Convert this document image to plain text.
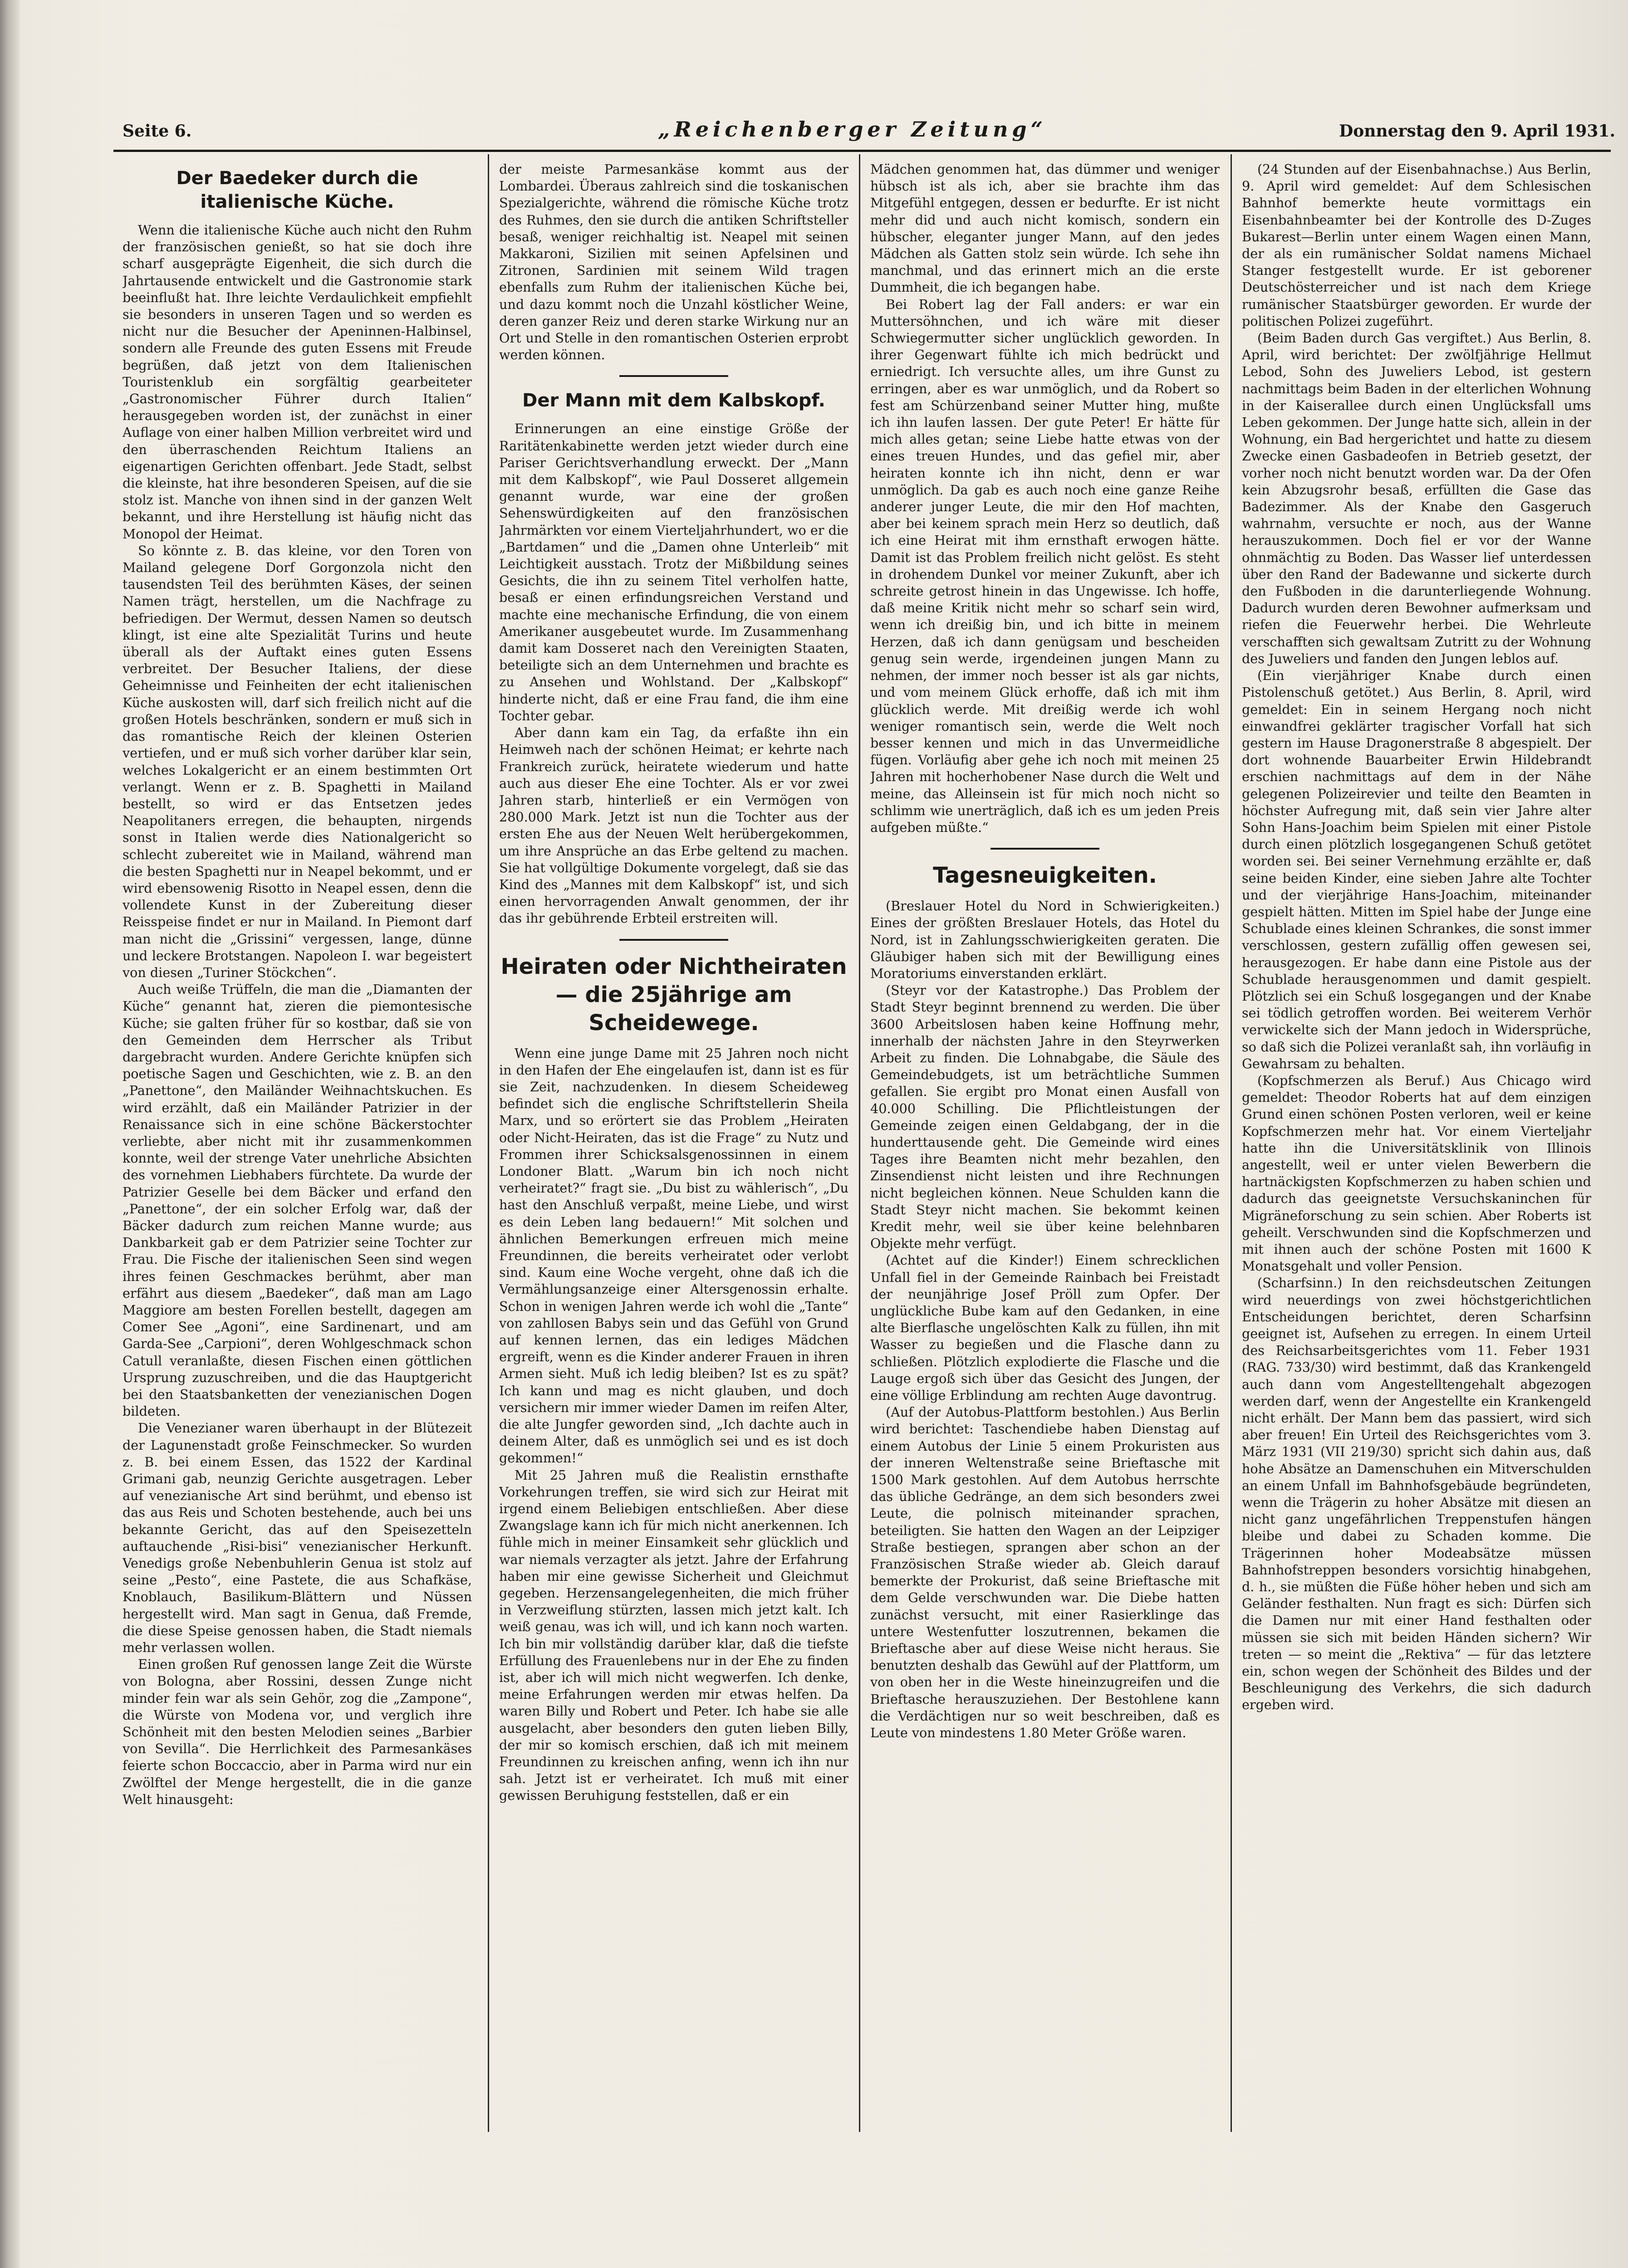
Seite 6.	„Reichenberger Zeitung“	Donnerstag den 9. April 1931.
Der Baedeker durch die italienische Küche.

Wenn die italienische Küche auch nicht den Ruhm der französischen genießt, so hat sie doch ihre scharf ausgeprägte Eigenheit, die sich durch die Jahrtausende entwickelt und die Gastronomie stark beeinflußt hat. Ihre leichte Verdaulichkeit empfiehlt sie besonders in unseren Tagen und so werden es nicht nur die Besucher der Apeninnen-Halbinsel, sondern alle Freunde des guten Essens mit Freude begrüßen, daß jetzt von dem Italienischen Touristenklub ein sorgfältig gearbeiteter „Gastronomischer Führer durch Italien“ herausgegeben worden ist, der zunächst in einer Auflage von einer halben Million verbreitet wird und den überraschenden Reichtum Italiens an eigenartigen Gerichten offenbart. Jede Stadt, selbst die kleinste, hat ihre besonderen Speisen, auf die sie stolz ist. Manche von ihnen sind in der ganzen Welt bekannt, und ihre Herstellung ist häufig nicht das Monopol der Heimat.

So könnte z. B. das kleine, vor den Toren von Mailand gelegene Dorf Gorgonzola nicht den tausendsten Teil des berühmten Käses, der seinen Namen trägt, herstellen, um die Nachfrage zu befriedigen. Der Wermut, dessen Namen so deutsch klingt, ist eine alte Spezialität Turins und heute überall als der Auftakt eines guten Essens verbreitet. Der Besucher Italiens, der diese Geheimnisse und Feinheiten der echt italienischen Küche auskosten will, darf sich freilich nicht auf die großen Hotels beschränken, sondern er muß sich in das romantische Reich der kleinen Osterien vertiefen, und er muß sich vorher darüber klar sein, welches Lokalgericht er an einem bestimmten Ort verlangt. Wenn er z. B. Spaghetti in Mailand bestellt, so wird er das Entsetzen jedes Neapolitaners erregen, die behaupten, nirgends sonst in Italien werde dies Nationalgericht so schlecht zubereitet wie in Mailand, während man die besten Spaghetti nur in Neapel bekommt, und er wird ebensowenig Risotto in Neapel essen, denn die vollendete Kunst in der Zubereitung dieser Reisspeise findet er nur in Mailand. In Piemont darf man nicht die „Grissini“ vergessen, lange, dünne und leckere Brotstangen. Napoleon I. war begeistert von diesen „Turiner Stöckchen“.

Auch weiße Trüffeln, die man die „Diamanten der Küche“ genannt hat, zieren die piemontesische Küche; sie galten früher für so kostbar, daß sie von den Gemeinden dem Herrscher als Tribut dargebracht wurden. Andere Gerichte knüpfen sich poetische Sagen und Geschichten, wie z. B. an den „Panettone“, den Mailänder Weihnachtskuchen. Es wird erzählt, daß ein Mailänder Patrizier in der Renaissance sich in eine schöne Bäckerstochter verliebte, aber nicht mit ihr zusammenkommen konnte, weil der strenge Vater unehrliche Absichten des vornehmen Liebhabers fürchtete. Da wurde der Patrizier Geselle bei dem Bäcker und erfand den „Panettone“, der ein solcher Erfolg war, daß der Bäcker dadurch zum reichen Manne wurde; aus Dankbarkeit gab er dem Patrizier seine Tochter zur Frau. Die Fische der italienischen Seen sind wegen ihres feinen Geschmackes berühmt, aber man erfährt aus diesem „Baedeker“, daß man am Lago Maggiore am besten Forellen bestellt, dagegen am Comer See „Agoni“, eine Sardinenart, und am Garda-See „Carpioni“, deren Wohlgeschmack schon Catull veranlaßte, diesen Fischen einen göttlichen Ursprung zuzuschreiben, und die das Hauptgericht bei den Staatsbanketten der venezianischen Dogen bildeten.

Die Venezianer waren überhaupt in der Blütezeit der Lagunenstadt große Feinschmecker. So wurden z. B. bei einem Essen, das 1522 der Kardinal Grimani gab, neunzig Gerichte ausgetragen. Leber auf venezianische Art sind berühmt, und ebenso ist das aus Reis und Schoten bestehende, auch bei uns bekannte Gericht, das auf den Speisezetteln auftauchende „Risi-bisi“ venezianischer Herkunft. Venedigs große Nebenbuhlerin Genua ist stolz auf seine „Pesto“, eine Pastete, die aus Schafkäse, Knoblauch, Basilikum-Blättern und Nüssen hergestellt wird. Man sagt in Genua, daß Fremde, die diese Speise genossen haben, die Stadt niemals mehr verlassen wollen.

Einen großen Ruf genossen lange Zeit die Würste von Bologna, aber Rossini, dessen Zunge nicht minder fein war als sein Gehör, zog die „Zampone“, die Würste von Modena vor, und verglich ihre Schönheit mit den besten Melodien seines „Barbier von Sevilla“. Die Herrlichkeit des Parmesankäses feierte schon Boccaccio, aber in Parma wird nur ein Zwölftel der Menge hergestellt, die in die ganze Welt hinausgeht:

der meiste Parmesankäse kommt aus der Lombardei. Überaus zahlreich sind die toskanischen Spezialgerichte, während die römische Küche trotz des Ruhmes, den sie durch die antiken Schriftsteller besaß, weniger reichhaltig ist. Neapel mit seinen Makkaroni, Sizilien mit seinen Apfelsinen und Zitronen, Sardinien mit seinem Wild tragen ebenfalls zum Ruhm der italienischen Küche bei, und dazu kommt noch die Unzahl köstlicher Weine, deren ganzer Reiz und deren starke Wirkung nur an Ort und Stelle in den romantischen Osterien erprobt werden können.

Der Mann mit dem Kalbskopf.

Erinnerungen an eine einstige Größe der Raritätenkabinette werden jetzt wieder durch eine Pariser Gerichtsverhandlung erweckt. Der „Mann mit dem Kalbskopf“, wie Paul Dosseret allgemein genannt wurde, war eine der großen Sehenswürdigkeiten auf den französischen Jahrmärkten vor einem Vierteljahrhundert, wo er die „Bartdamen“ und die „Damen ohne Unterleib“ mit Leichtigkeit ausstach. Trotz der Mißbildung seines Gesichts, die ihn zu seinem Titel verholfen hatte, besaß er einen erfindungsreichen Verstand und machte eine mechanische Erfindung, die von einem Amerikaner ausgebeutet wurde. Im Zusammenhang damit kam Dosseret nach den Vereinigten Staaten, beteiligte sich an dem Unternehmen und brachte es zu Ansehen und Wohlstand. Der „Kalbskopf“ hinderte nicht, daß er eine Frau fand, die ihm eine Tochter gebar.

Aber dann kam ein Tag, da erfaßte ihn ein Heimweh nach der schönen Heimat; er kehrte nach Frankreich zurück, heiratete wiederum und hatte auch aus dieser Ehe eine Tochter. Als er vor zwei Jahren starb, hinterließ er ein Vermögen von 280.000 Mark. Jetzt ist nun die Tochter aus der ersten Ehe aus der Neuen Welt herübergekommen, um ihre Ansprüche an das Erbe geltend zu machen. Sie hat vollgültige Dokumente vorgelegt, daß sie das Kind des „Mannes mit dem Kalbskopf“ ist, und sich einen hervorragenden Anwalt genommen, der ihr das ihr gebührende Erbteil erstreiten will.

Heiraten oder Nichtheiraten — die 25jährige am Scheidewege.

Wenn eine junge Dame mit 25 Jahren noch nicht in den Hafen der Ehe eingelaufen ist, dann ist es für sie Zeit, nachzudenken. In diesem Scheideweg befindet sich die englische Schriftstellerin Sheila Marx, und so erörtert sie das Problem „Heiraten oder Nicht-Heiraten, das ist die Frage“ zu Nutz und Frommen ihrer Schicksalsgenossinnen in einem Londoner Blatt. „Warum bin ich noch nicht verheiratet?“ fragt sie. „Du bist zu wählerisch“, „Du hast den Anschluß verpaßt, meine Liebe, und wirst es dein Leben lang bedauern!“ Mit solchen und ähnlichen Bemerkungen erfreuen mich meine Freundinnen, die bereits verheiratet oder verlobt sind. Kaum eine Woche vergeht, ohne daß ich die Vermählungsanzeige einer Altersgenossin erhalte. Schon in wenigen Jahren werde ich wohl die „Tante“ von zahllosen Babys sein und das Gefühl von Grund auf kennen lernen, das ein lediges Mädchen ergreift, wenn es die Kinder anderer Frauen in ihren Armen sieht. Muß ich ledig bleiben? Ist es zu spät? Ich kann und mag es nicht glauben, und doch versichern mir immer wieder Damen im reifen Alter, die alte Jungfer geworden sind, „Ich dachte auch in deinem Alter, daß es unmöglich sei und es ist doch gekommen!“

Mit 25 Jahren muß die Realistin ernsthafte Vorkehrungen treffen, sie wird sich zur Heirat mit irgend einem Beliebigen entschließen. Aber diese Zwangslage kann ich für mich nicht anerkennen. Ich fühle mich in meiner Einsamkeit sehr glücklich und war niemals verzagter als jetzt. Jahre der Erfahrung haben mir eine gewisse Sicherheit und Gleichmut gegeben. Herzensangelegenheiten, die mich früher in Verzweiflung stürzten, lassen mich jetzt kalt. Ich weiß genau, was ich will, und ich kann noch warten. Ich bin mir vollständig darüber klar, daß die tiefste Erfüllung des Frauenlebens nur in der Ehe zu finden ist, aber ich will mich nicht wegwerfen. Ich denke, meine Erfahrungen werden mir etwas helfen. Da waren Billy und Robert und Peter. Ich habe sie alle ausgelacht, aber besonders den guten lieben Billy, der mir so komisch erschien, daß ich mit meinem Freundinnen zu kreischen anfing, wenn ich ihn nur sah. Jetzt ist er verheiratet. Ich muß mit einer gewissen Beruhigung feststellen, daß er ein

Mädchen genommen hat, das dümmer und weniger hübsch ist als ich, aber sie brachte ihm das Mitgefühl entgegen, dessen er bedurfte. Er ist nicht mehr did und auch nicht komisch, sondern ein hübscher, eleganter junger Mann, auf den jedes Mädchen als Gatten stolz sein würde. Ich sehe ihn manchmal, und das erinnert mich an die erste Dummheit, die ich begangen habe.

Bei Robert lag der Fall anders: er war ein Muttersöhnchen, und ich wäre mit dieser Schwiegermutter sicher unglücklich geworden. In ihrer Gegenwart fühlte ich mich bedrückt und erniedrigt. Ich versuchte alles, um ihre Gunst zu erringen, aber es war unmöglich, und da Robert so fest am Schürzenband seiner Mutter hing, mußte ich ihn laufen lassen. Der gute Peter! Er hätte für mich alles getan; seine Liebe hatte etwas von der eines treuen Hundes, und das gefiel mir, aber heiraten konnte ich ihn nicht, denn er war unmöglich. Da gab es auch noch eine ganze Reihe anderer junger Leute, die mir den Hof machten, aber bei keinem sprach mein Herz so deutlich, daß ich eine Heirat mit ihm ernsthaft erwogen hätte. Damit ist das Problem freilich nicht gelöst. Es steht in drohendem Dunkel vor meiner Zukunft, aber ich schreite getrost hinein in das Ungewisse. Ich hoffe, daß meine Kritik nicht mehr so scharf sein wird, wenn ich dreißig bin, und ich bitte in meinem Herzen, daß ich dann genügsam und bescheiden genug sein werde, irgendeinen jungen Mann zu nehmen, der immer noch besser ist als gar nichts, und vom meinem Glück erhoffe, daß ich mit ihm glücklich werde. Mit dreißig werde ich wohl weniger romantisch sein, werde die Welt noch besser kennen und mich in das Unvermeidliche fügen. Vorläufig aber gehe ich noch mit meinen 25 Jahren mit hocherhobener Nase durch die Welt und meine, das Alleinsein ist für mich noch nicht so schlimm wie unerträglich, daß ich es um jeden Preis aufgeben müßte.“

Tagesneuigkeiten.

(Breslauer Hotel du Nord in Schwierigkeiten.) Eines der größten Breslauer Hotels, das Hotel du Nord, ist in Zahlungsschwierigkeiten geraten. Die Gläubiger haben sich mit der Bewilligung eines Moratoriums einverstanden erklärt.

(Steyr vor der Katastrophe.) Das Problem der Stadt Steyr beginnt brennend zu werden. Die über 3600 Arbeitslosen haben keine Hoffnung mehr, innerhalb der nächsten Jahre in den Steyrwerken Arbeit zu finden. Die Lohnabgabe, die Säule des Gemeindebudgets, ist um beträchtliche Summen gefallen. Sie ergibt pro Monat einen Ausfall von 40.000 Schilling. Die Pflichtleistungen der Gemeinde zeigen einen Geldabgang, der in die hunderttausende geht. Die Gemeinde wird eines Tages ihre Beamten nicht mehr bezahlen, den Zinsendienst nicht leisten und ihre Rechnungen nicht begleichen können. Neue Schulden kann die Stadt Steyr nicht machen. Sie bekommt keinen Kredit mehr, weil sie über keine belehnbaren Objekte mehr verfügt.

(Achtet auf die Kinder!) Einem schrecklichen Unfall fiel in der Gemeinde Rainbach bei Freistadt der neunjährige Josef Pröll zum Opfer. Der unglückliche Bube kam auf den Gedanken, in eine alte Bierflasche ungelöschten Kalk zu füllen, ihn mit Wasser zu begießen und die Flasche dann zu schließen. Plötzlich explodierte die Flasche und die Lauge ergoß sich über das Gesicht des Jungen, der eine völlige Erblindung am rechten Auge davontrug.

(Auf der Autobus-Plattform bestohlen.) Aus Berlin wird berichtet: Taschendiebe haben Dienstag auf einem Autobus der Linie 5 einem Prokuristen aus der inneren Weltenstraße seine Brieftasche mit 1500 Mark gestohlen. Auf dem Autobus herrschte das übliche Gedränge, an dem sich besonders zwei Leute, die polnisch miteinander sprachen, beteiligten. Sie hatten den Wagen an der Leipziger Straße bestiegen, sprangen aber schon an der Französischen Straße wieder ab. Gleich darauf bemerkte der Prokurist, daß seine Brieftasche mit dem Gelde verschwunden war. Die Diebe hatten zunächst versucht, mit einer Rasierklinge das untere Westenfutter loszutrennen, bekamen die Brieftasche aber auf diese Weise nicht heraus. Sie benutzten deshalb das Gewühl auf der Plattform, um von oben her in die Weste hineinzugreifen und die Brieftasche herauszuziehen. Der Bestohlene kann die Verdächtigen nur so weit beschreiben, daß es Leute von mindestens 1.80 Meter Größe waren.

(24 Stunden auf der Eisenbahnachse.) Aus Berlin, 9. April wird gemeldet: Auf dem Schlesischen Bahnhof bemerkte heute vormittags ein Eisenbahnbeamter bei der Kontrolle des D-Zuges Bukarest—Berlin unter einem Wagen einen Mann, der als ein rumänischer Soldat namens Michael Stanger festgestellt wurde. Er ist geborener Deutschösterreicher und ist nach dem Kriege rumänischer Staatsbürger geworden. Er wurde der politischen Polizei zugeführt.

(Beim Baden durch Gas vergiftet.) Aus Berlin, 8. April, wird berichtet: Der zwölfjährige Hellmut Lebod, Sohn des Juweliers Lebod, ist gestern nachmittags beim Baden in der elterlichen Wohnung in der Kaiserallee durch einen Unglücksfall ums Leben gekommen. Der Junge hatte sich, allein in der Wohnung, ein Bad hergerichtet und hatte zu diesem Zwecke einen Gasbadeofen in Betrieb gesetzt, der vorher noch nicht benutzt worden war. Da der Ofen kein Abzugsrohr besaß, erfüllten die Gase das Badezimmer. Als der Knabe den Gasgeruch wahrnahm, versuchte er noch, aus der Wanne herauszukommen. Doch fiel er vor der Wanne ohnmächtig zu Boden. Das Wasser lief unterdessen über den Rand der Badewanne und sickerte durch den Fußboden in die darunterliegende Wohnung. Dadurch wurden deren Bewohner aufmerksam und riefen die Feuerwehr herbei. Die Wehrleute verschafften sich gewaltsam Zutritt zu der Wohnung des Juweliers und fanden den Jungen leblos auf.

(Ein vierjähriger Knabe durch einen Pistolenschuß getötet.) Aus Berlin, 8. April, wird gemeldet: Ein in seinem Hergang noch nicht einwandfrei geklärter tragischer Vorfall hat sich gestern im Hause Dragonerstraße 8 abgespielt. Der dort wohnende Bauarbeiter Erwin Hildebrandt erschien nachmittags auf dem in der Nähe gelegenen Polizeirevier und teilte den Beamten in höchster Aufregung mit, daß sein vier Jahre alter Sohn Hans-Joachim beim Spielen mit einer Pistole durch einen plötzlich losgegangenen Schuß getötet worden sei. Bei seiner Vernehmung erzählte er, daß seine beiden Kinder, eine sieben Jahre alte Tochter und der vierjährige Hans-Joachim, miteinander gespielt hätten. Mitten im Spiel habe der Junge eine Schublade eines kleinen Schrankes, die sonst immer verschlossen, gestern zufällig offen gewesen sei, herausgezogen. Er habe dann eine Pistole aus der Schublade herausgenommen und damit gespielt. Plötzlich sei ein Schuß losgegangen und der Knabe sei tödlich getroffen worden. Bei weiterem Verhör verwickelte sich der Mann jedoch in Widersprüche, so daß sich die Polizei veranlaßt sah, ihn vorläufig in Gewahrsam zu behalten.

(Kopfschmerzen als Beruf.) Aus Chicago wird gemeldet: Theodor Roberts hat auf dem einzigen Grund einen schönen Posten verloren, weil er keine Kopfschmerzen mehr hat. Vor einem Vierteljahr hatte ihn die Universitätsklinik von Illinois angestellt, weil er unter vielen Bewerbern die hartnäckigsten Kopfschmerzen zu haben schien und dadurch das geeignetste Versuchskaninchen für Migräneforschung zu sein schien. Aber Roberts ist geheilt. Verschwunden sind die Kopfschmerzen und mit ihnen auch der schöne Posten mit 1600 K Monatsgehalt und voller Pension.

(Scharfsinn.) In den reichsdeutschen Zeitungen wird neuerdings von zwei höchstgerichtlichen Entscheidungen berichtet, deren Scharfsinn geeignet ist, Aufsehen zu erregen. In einem Urteil des Reichsarbeitsgerichtes vom 11. Feber 1931 (RAG. 733/30) wird bestimmt, daß das Krankengeld auch dann vom Angestelltengehalt abgezogen werden darf, wenn der Angestellte ein Krankengeld nicht erhält. Der Mann bem das passiert, wird sich aber freuen! Ein Urteil des Reichsgerichtes vom 3. März 1931 (VII 219/30) spricht sich dahin aus, daß hohe Absätze an Damenschuhen ein Mitverschulden an einem Unfall im Bahnhofsgebäude begründeten, wenn die Trägerin zu hoher Absätze mit diesen an nicht ganz ungefährlichen Treppenstufen hängen bleibe und dabei zu Schaden komme. Die Trägerinnen hoher Modeabsätze müssen Bahnhofstreppen besonders vorsichtig hinabgehen, d. h., sie müßten die Füße höher heben und sich am Geländer festhalten. Nun fragt es sich: Dürfen sich die Damen nur mit einer Hand festhalten oder müssen sie sich mit beiden Händen sichern? Wir treten — so meint die „Rektiva“ — für das letztere ein, schon wegen der Schönheit des Bildes und der Beschleunigung des Verkehrs, die sich dadurch ergeben wird.
